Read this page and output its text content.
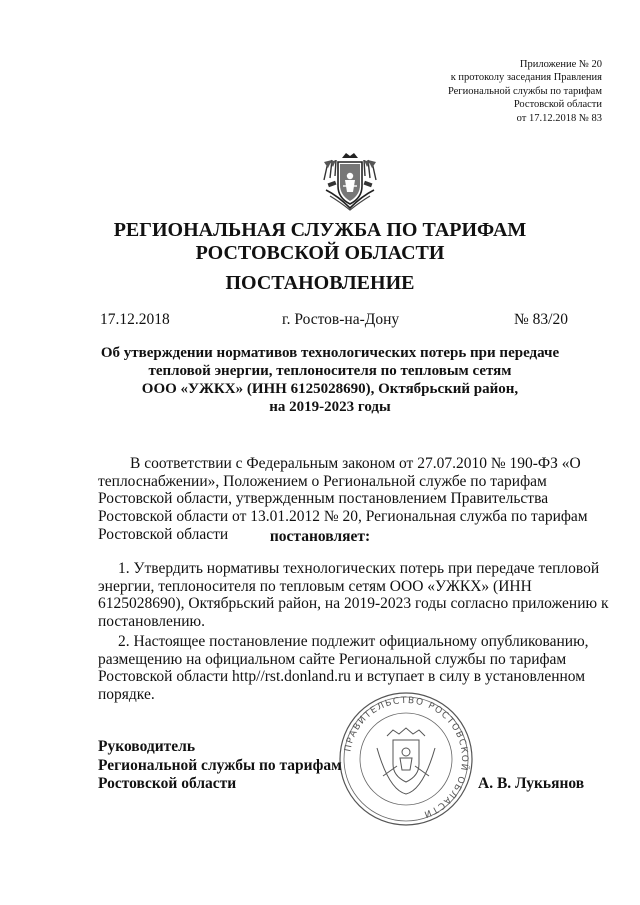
Приложение № 20
к протоколу заседания Правления
Региональной службы по тарифам
Ростовской области
от 17.12.2018 № 83
РЕГИОНАЛЬНАЯ СЛУЖБА ПО ТАРИФАМ
РОСТОВСКОЙ ОБЛАСТИ
ПОСТАНОВЛЕНИЕ
17.12.2018	г. Ростов-на-Дону	№ 83/20
Об утверждении нормативов технологических потерь при передаче
тепловой энергии, теплоносителя по тепловым сетям
ООО «УЖКХ» (ИНН 6125028690), Октябрьский район,
на 2019-2023 годы
В соответствии с Федеральным законом от 27.07.2010 № 190-ФЗ «О
теплоснабжении», Положением о Региональной службе по тарифам
Ростовской области, утвержденным постановлением Правительства
Ростовской области от 13.01.2012 № 20, Региональная служба по тарифам
Ростовской области	постановляет:
1. Утвердить нормативы технологических потерь при передаче тепловой
энергии, теплоносителя по тепловым сетям ООО «УЖКХ» (ИНН
6125028690), Октябрьский район, на 2019-2023 годы согласно приложению к
постановлению.
2. Настоящее постановление подлежит официальному опубликованию,
размещению на официальном сайте Региональной службы по тарифам
Ростовской области http//rst.donland.ru и вступает в силу в установленном
порядке.
ПРАВИТЕЛЬСТВО РОСТОВСКОЙ ОБЛАСТИ
Руководитель
Региональной службы по тарифам
Ростовской области	А. В. Лукьянов
